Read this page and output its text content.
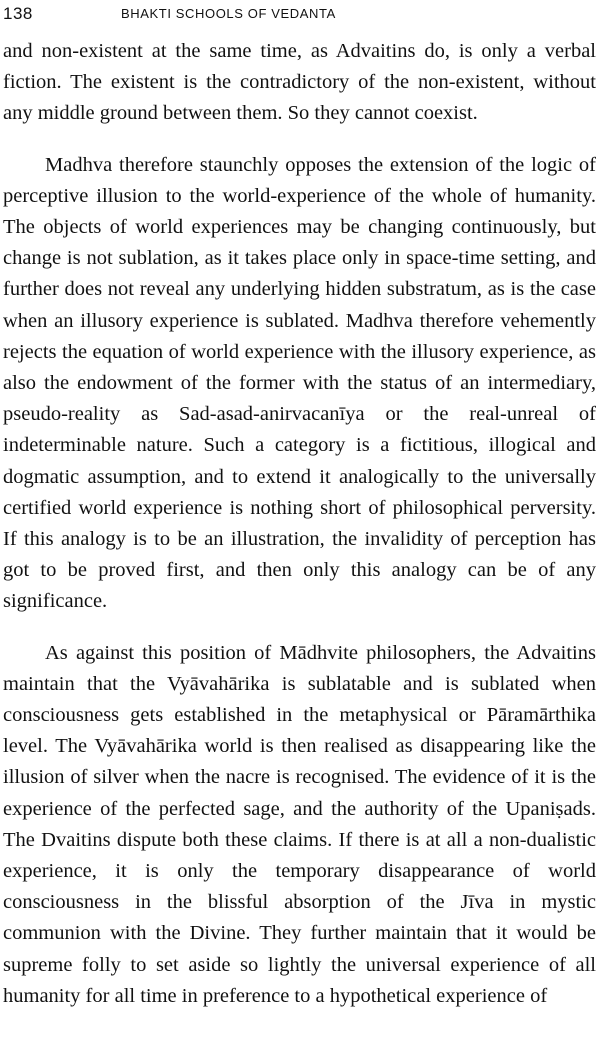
138	BHAKTI SCHOOLS OF VEDANTA

and non-existent at the same time, as Advaitins do, is only a verbal fiction. The existent is the contradictory of the non-existent, without any middle ground between them. So they cannot coexist.

Madhva therefore staunchly opposes the extension of the logic of perceptive illusion to the world-experience of the whole of humanity. The objects of world experiences may be changing continuously, but change is not sublation, as it takes place only in space-time setting, and further does not reveal any underlying hidden substratum, as is the case when an illusory experience is sublated. Madhva therefore vehemently rejects the equation of world experience with the illusory experience, as also the endowment of the former with the status of an intermediary, pseudo-reality as Sad-asad-anirvacanīya or the real-unreal of indeterminable nature. Such a category is a fictitious, illogical and dogmatic assumption, and to extend it analogically to the universally certified world experience is nothing short of philosophical perversity. If this analogy is to be an illustration, the invalidity of perception has got to be proved first, and then only this analogy can be of any significance.

As against this position of Mādhvite philosophers, the Advaitins maintain that the Vyāvahārika is sublatable and is sublated when consciousness gets established in the metaphysical or Pāramārthika level. The Vyāvahārika world is then realised as disappearing like the illusion of silver when the nacre is recognised. The evidence of it is the experience of the perfected sage, and the authority of the Upaniṣads. The Dvaitins dispute both these claims. If there is at all a non-dualistic experience, it is only the temporary disappearance of world consciousness in the blissful absorption of the Jīva in mystic communion with the Divine. They further maintain that it would be supreme folly to set aside so lightly the universal experience of all humanity for all time in preference to a hypothetical experience of
